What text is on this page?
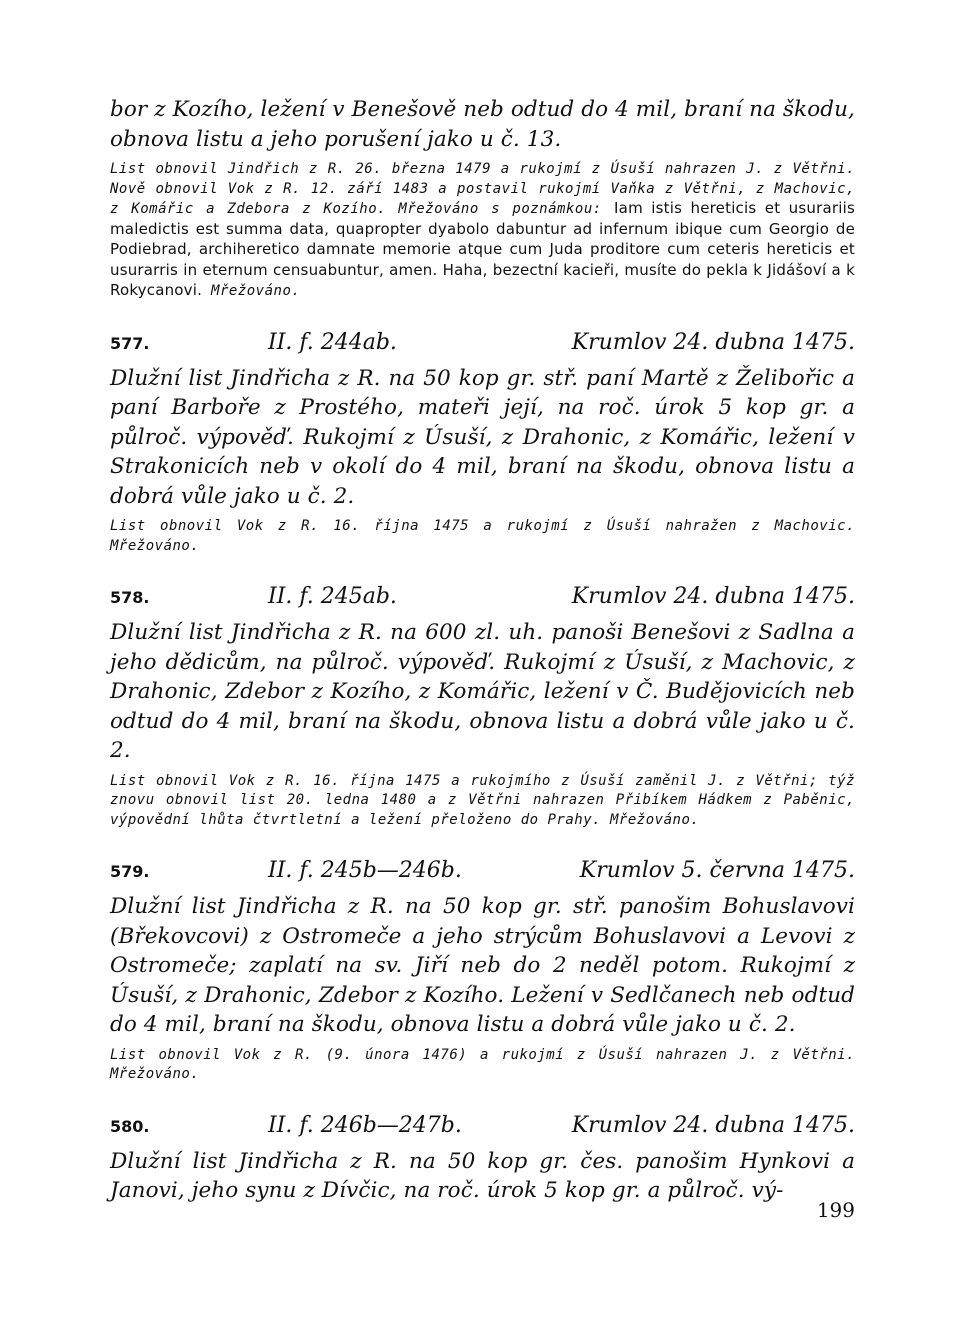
bor z Kozího, ležení v Benešově neb odtud do 4 mil, braní na škodu, obnova listu a jeho porušení jako u č. 13.
List obnovil Jindřich z R. 26. března 1479 a rukojmí z Úsuší nahrazen J. z Větřni. Nově obnovil Vok z R. 12. září 1483 a postavil rukojmí Vaňka z Větřni, z Machovic, z Komářic a Zdebora z Kozího. Mřežováno s poznámkou: Iam istis hereticis et usurariis maledictis est summa data, quapropter dyabolo dabuntur ad infernum ibique cum Georgio de Podiebrad, archiheretico damnate memorie atque cum Juda proditore cum ceteris hereticis et usurarris in eternum censuabuntur, amen. Haha, bezectní kacieři, musíte do pekla k Jidášoví a k Rokycanovi. Mřežováno.
577.	II. f. 244ab.	Krumlov 24. dubna 1475.
Dlužní list Jindřicha z R. na 50 kop gr. stř. paní Martě z Želibořic a paní Barboře z Prostého, mateři její, na roč. úrok 5 kop gr. a půlroč. výpověď. Rukojmí z Úsuší, z Drahonic, z Komářic, ležení v Strakonicích neb v okolí do 4 mil, braní na škodu, obnova listu a dobrá vůle jako u č. 2.
List obnovil Vok z R. 16. října 1475 a rukojmí z Úsuší nahražen z Machovic. Mřežováno.
578.	II. f. 245ab.	Krumlov 24. dubna 1475.
Dlužní list Jindřicha z R. na 600 zl. uh. panoši Benešovi z Sadlna a jeho dědicům, na půlroč. výpověď. Rukojmí z Úsuší, z Machovic, z Drahonic, Zdebor z Kozího, z Komářic, ležení v Č. Budějovicích neb odtud do 4 mil, braní na škodu, obnova listu a dobrá vůle jako u č. 2.
List obnovil Vok z R. 16. října 1475 a rukojmího z Úsuší zaměnil J. z Větřni; týž znovu obnovil list 20. ledna 1480 a z Větřni nahrazen Přibíkem Hádkem z Paběnic, výpovědní lhůta čtvrtletní a ležení přeloženo do Prahy. Mřežováno.
579.	II. f. 245b—246b.	Krumlov 5. června 1475.
Dlužní list Jindřicha z R. na 50 kop gr. stř. panošim Bohuslavovi (Břekovcovi) z Ostromeče a jeho strýcům Bohuslavovi a Levovi z Ostromeče; zaplatí na sv. Jiří neb do 2 neděl potom. Rukojmí z Úsuší, z Drahonic, Zdebor z Kozího. Ležení v Sedlčanech neb odtud do 4 mil, braní na škodu, obnova listu a dobrá vůle jako u č. 2.
List obnovil Vok z R. (9. února 1476) a rukojmí z Úsuší nahrazen J. z Větřni. Mřežováno.
580.	II. f. 246b—247b.	Krumlov 24. dubna 1475.
Dlužní list Jindřicha z R. na 50 kop gr. čes. panošim Hynkovi a Janovi, jeho synu z Dívčic, na roč. úrok 5 kop gr. a půlroč. vý-
199
